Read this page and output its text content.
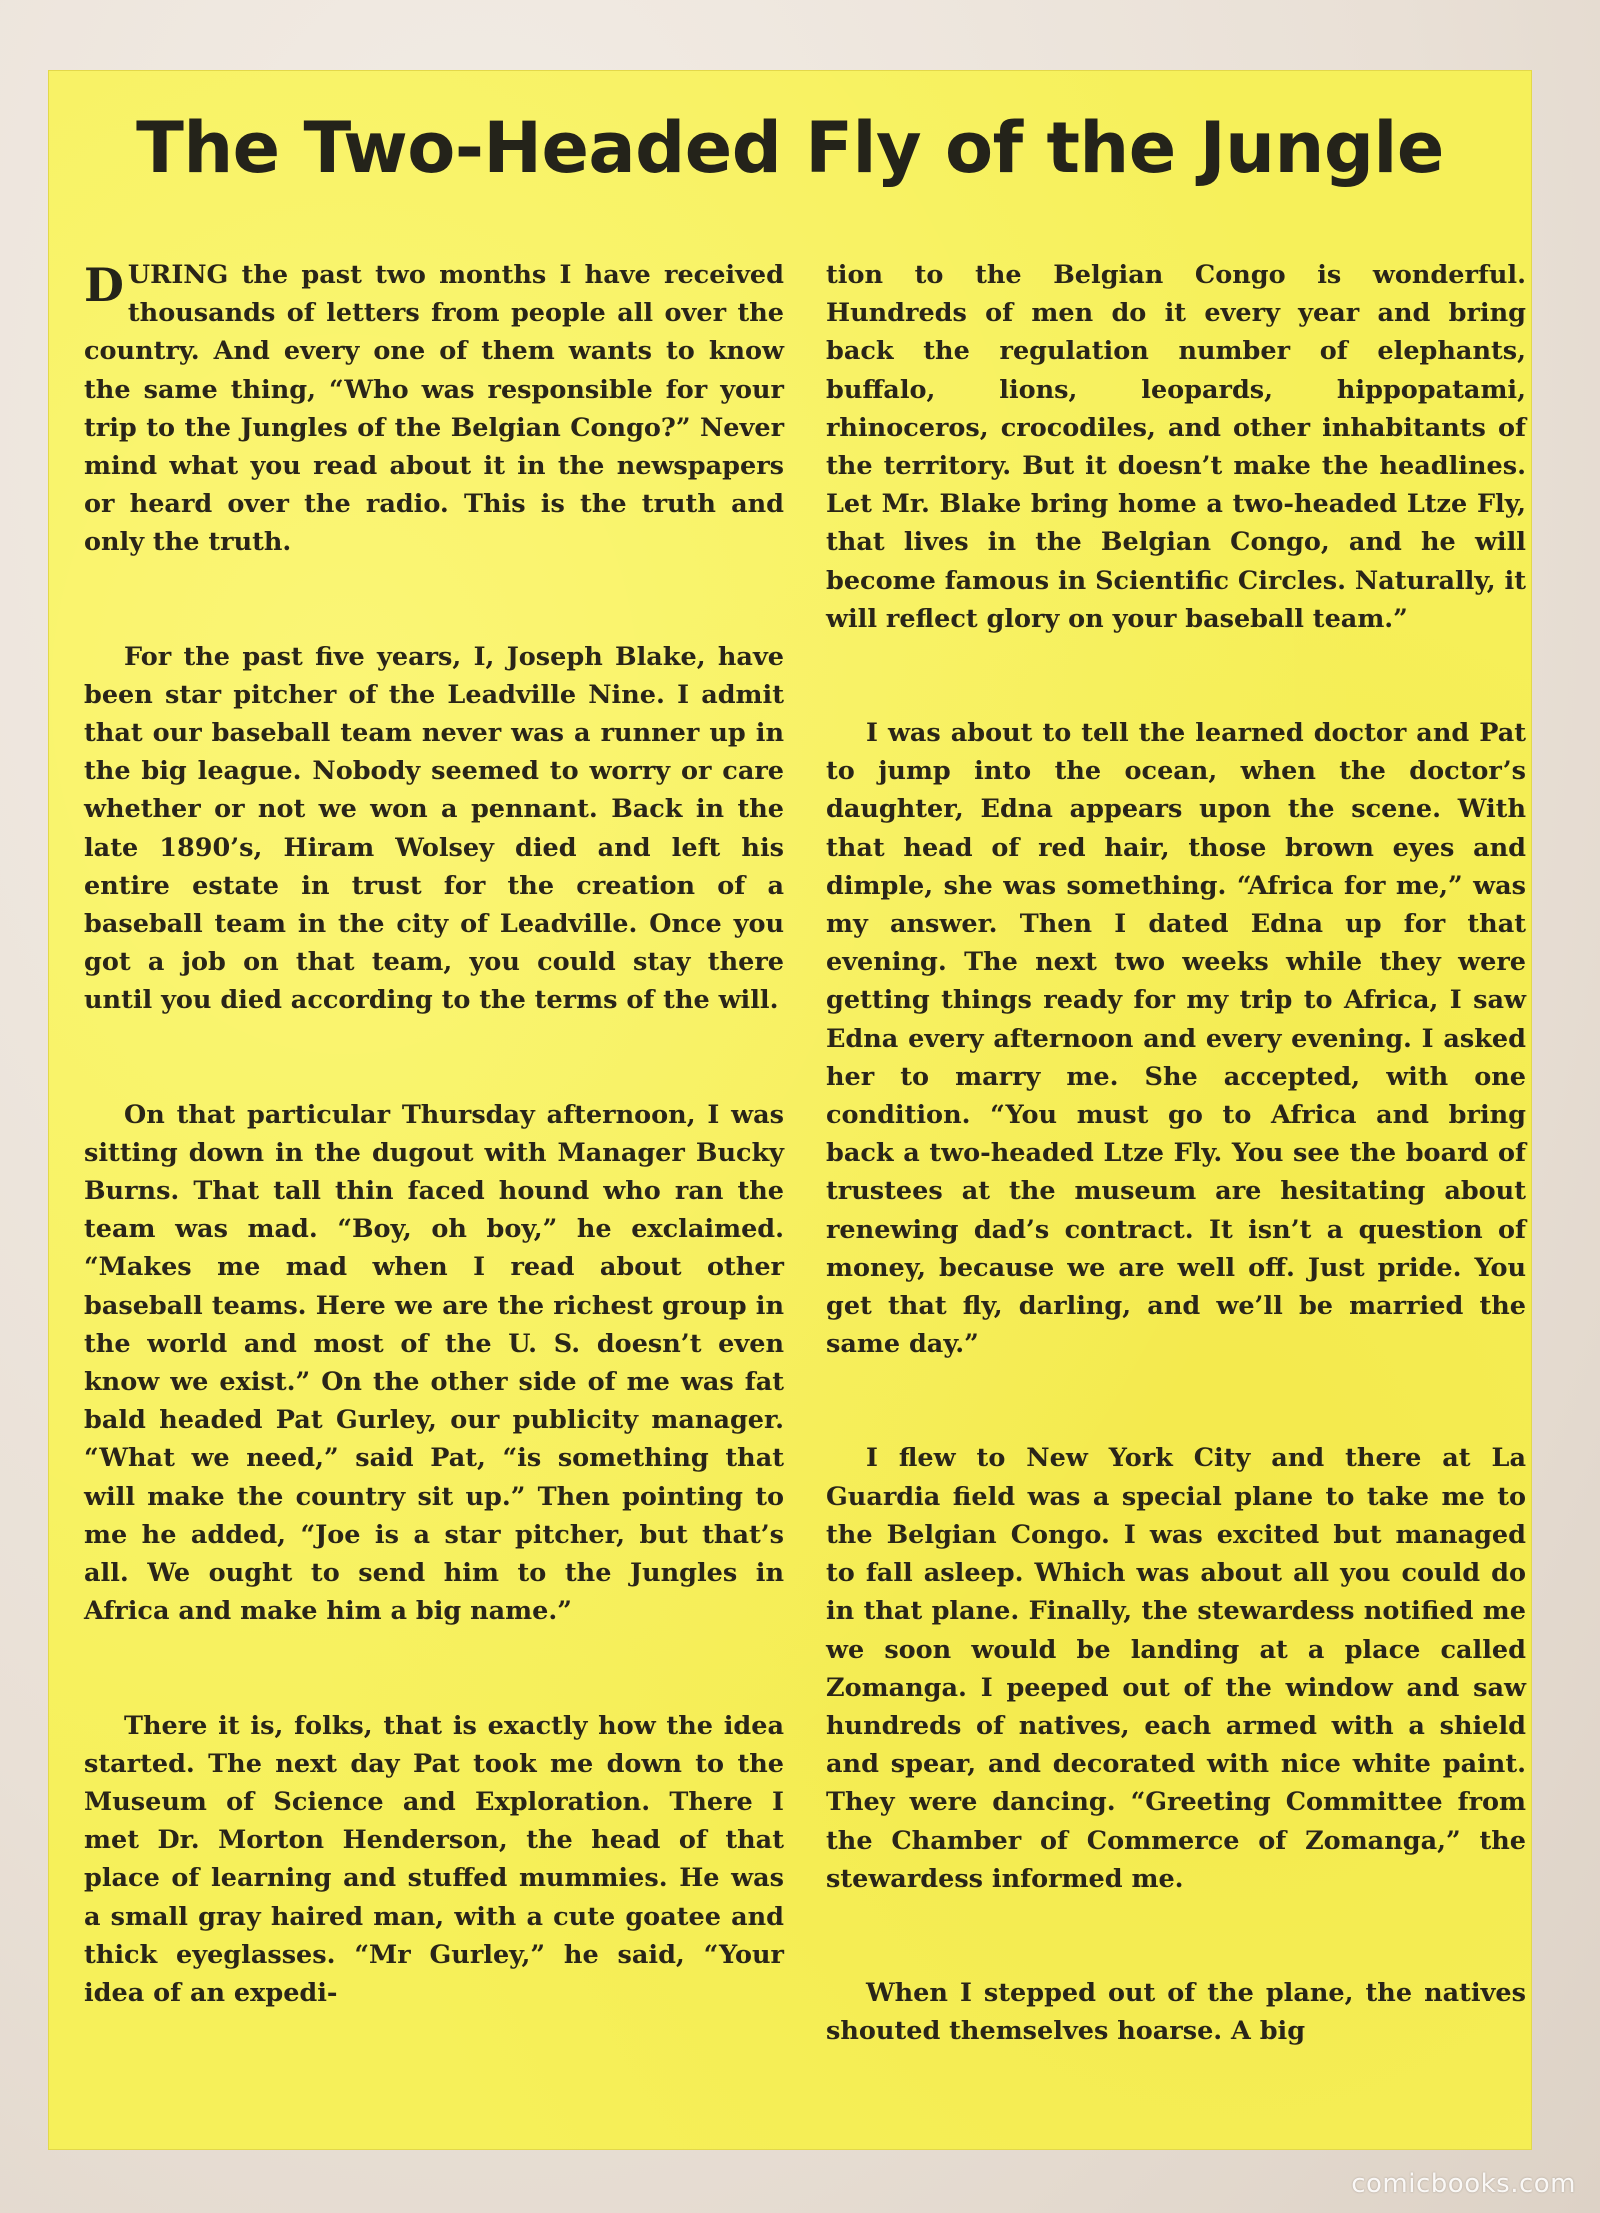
The Two-Headed Fly of the Jungle

DURING the past two months I have received thousands of letters from people all over the country. And every one of them wants to know the same thing, “Who was responsible for your trip to the Jungles of the Belgian Congo?” Never mind what you read about it in the newspapers or heard over the radio. This is the truth and only the truth.

For the past five years, I, Joseph Blake, have been star pitcher of the Leadville Nine. I admit that our baseball team never was a runner up in the big league. Nobody seemed to worry or care whether or not we won a pennant. Back in the late 1890’s, Hiram Wolsey died and left his entire estate in trust for the creation of a baseball team in the city of Leadville. Once you got a job on that team, you could stay there until you died according to the terms of the will.

On that particular Thursday afternoon, I was sitting down in the dugout with Manager Bucky Burns. That tall thin faced hound who ran the team was mad. “Boy, oh boy,” he exclaimed. “Makes me mad when I read about other baseball teams. Here we are the richest group in the world and most of the U. S. doesn’t even know we exist.” On the other side of me was fat bald headed Pat Gurley, our publicity manager. “What we need,” said Pat, “is something that will make the country sit up.” Then pointing to me he added, “Joe is a star pitcher, but that’s all. We ought to send him to the Jungles in Africa and make him a big name.”

There it is, folks, that is exactly how the idea started. The next day Pat took me down to the Museum of Science and Exploration. There I met Dr. Morton Henderson, the head of that place of learning and stuffed mummies. He was a small gray haired man, with a cute goatee and thick eyeglasses. “Mr Gurley,” he said, “Your idea of an expedi-

tion to the Belgian Congo is wonderful. Hundreds of men do it every year and bring back the regulation number of elephants, buffalo, lions, leopards, hippopatami, rhinoceros, crocodiles, and other inhabitants of the territory. But it doesn’t make the headlines. Let Mr. Blake bring home a two-headed Ltze Fly, that lives in the Belgian Congo, and he will become famous in Scientific Circles. Naturally, it will reflect glory on your baseball team.”

I was about to tell the learned doctor and Pat to jump into the ocean, when the doctor’s daughter, Edna appears upon the scene. With that head of red hair, those brown eyes and dimple, she was something. “Africa for me,” was my answer. Then I dated Edna up for that evening. The next two weeks while they were getting things ready for my trip to Africa, I saw Edna every afternoon and every evening. I asked her to marry me. She accepted, with one condition. “You must go to Africa and bring back a two-headed Ltze Fly. You see the board of trustees at the museum are hesitating about renewing dad’s contract. It isn’t a question of money, because we are well off. Just pride. You get that fly, darling, and we’ll be married the same day.”

I flew to New York City and there at La Guardia field was a special plane to take me to the Belgian Congo. I was excited but managed to fall asleep. Which was about all you could do in that plane. Finally, the stewardess notified me we soon would be landing at a place called Zomanga. I peeped out of the window and saw hundreds of natives, each armed with a shield and spear, and decorated with nice white paint. They were dancing. “Greeting Committee from the Chamber of Commerce of Zomanga,” the stewardess informed me.

When I stepped out of the plane, the natives shouted themselves hoarse. A big

comicbooks.com
